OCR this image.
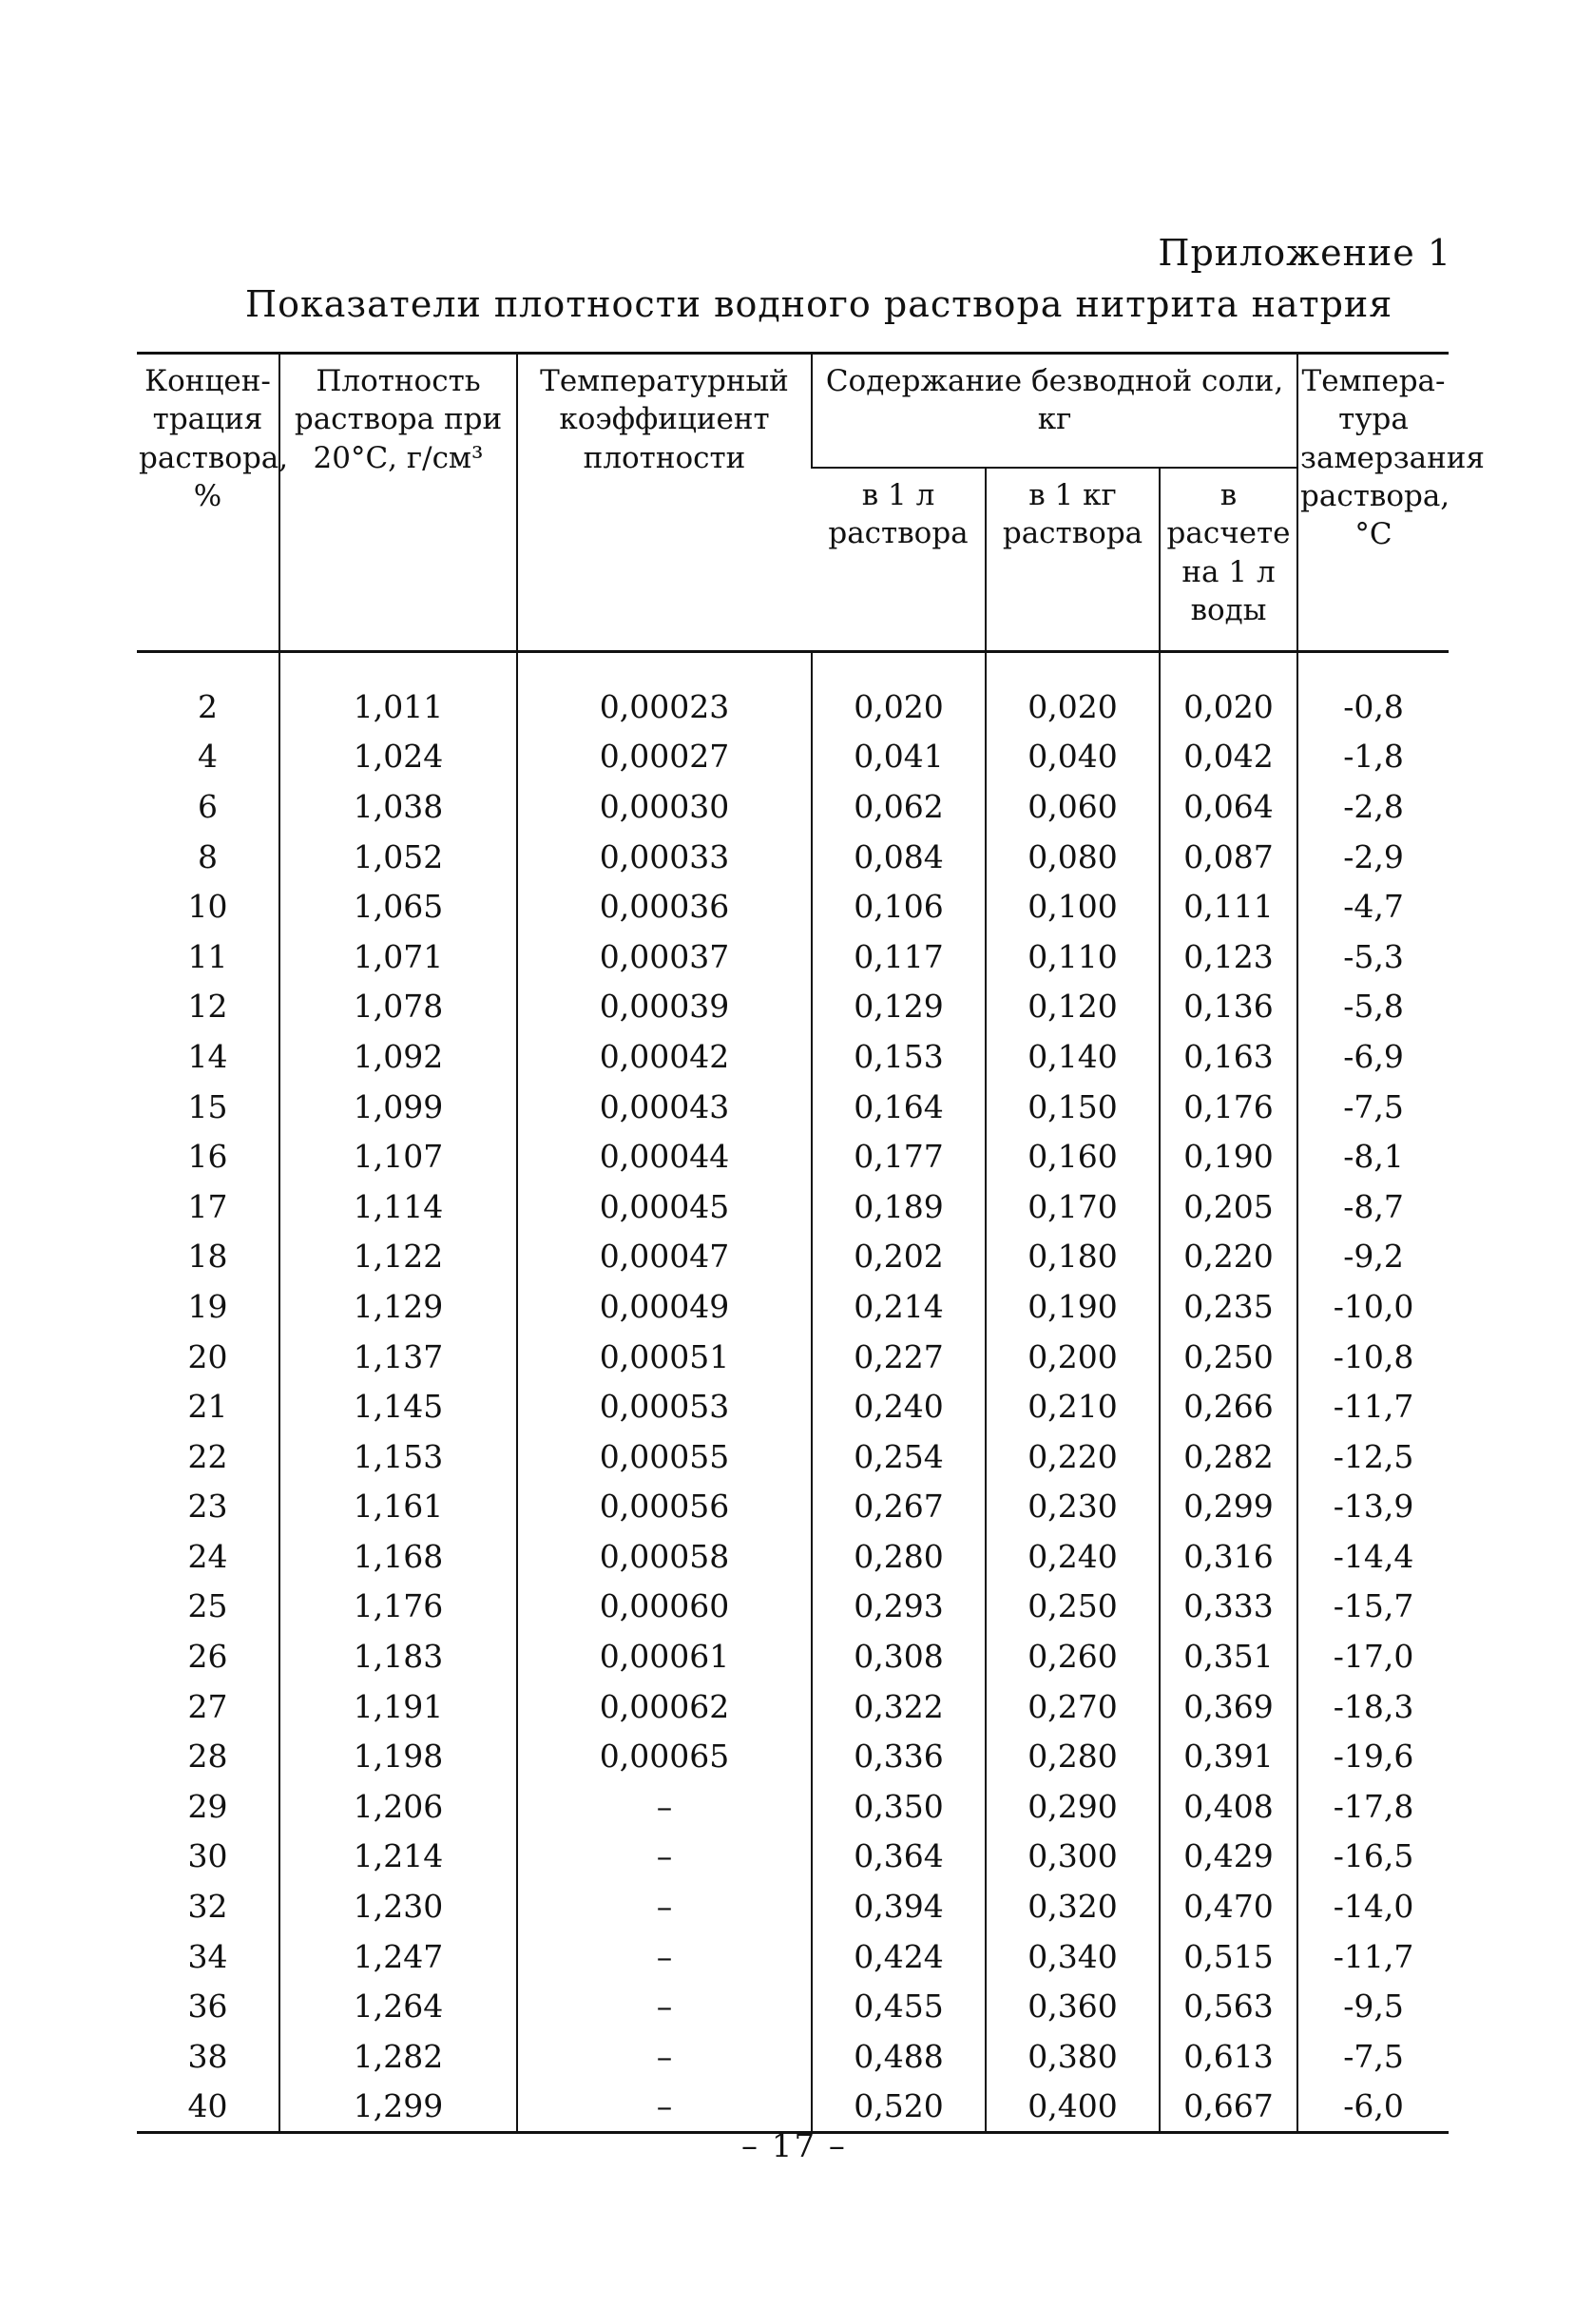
Приложение 1
Показатели плотности водного раствора нитрита натрия
Концен-трация раствора, %	Плотность раствора при 20°С, г/см³	Температурный коэффициент плотности	Содержание безводной соли, кг			Темпера-тура замерзания раствора, °С
			в 1 л раствора	в 1 кг раствора	в расчете на 1 л воды	
2	1,011	0,00023	0,020	0,020	0,020	-0,8
4	1,024	0,00027	0,041	0,040	0,042	-1,8
6	1,038	0,00030	0,062	0,060	0,064	-2,8
8	1,052	0,00033	0,084	0,080	0,087	-2,9
10	1,065	0,00036	0,106	0,100	0,111	-4,7
11	1,071	0,00037	0,117	0,110	0,123	-5,3
12	1,078	0,00039	0,129	0,120	0,136	-5,8
14	1,092	0,00042	0,153	0,140	0,163	-6,9
15	1,099	0,00043	0,164	0,150	0,176	-7,5
16	1,107	0,00044	0,177	0,160	0,190	-8,1
17	1,114	0,00045	0,189	0,170	0,205	-8,7
18	1,122	0,00047	0,202	0,180	0,220	-9,2
19	1,129	0,00049	0,214	0,190	0,235	-10,0
20	1,137	0,00051	0,227	0,200	0,250	-10,8
21	1,145	0,00053	0,240	0,210	0,266	-11,7
22	1,153	0,00055	0,254	0,220	0,282	-12,5
23	1,161	0,00056	0,267	0,230	0,299	-13,9
24	1,168	0,00058	0,280	0,240	0,316	-14,4
25	1,176	0,00060	0,293	0,250	0,333	-15,7
26	1,183	0,00061	0,308	0,260	0,351	-17,0
27	1,191	0,00062	0,322	0,270	0,369	-18,3
28	1,198	0,00065	0,336	0,280	0,391	-19,6
29	1,206	–	0,350	0,290	0,408	-17,8
30	1,214	–	0,364	0,300	0,429	-16,5
32	1,230	–	0,394	0,320	0,470	-14,0
34	1,247	–	0,424	0,340	0,515	-11,7
36	1,264	–	0,455	0,360	0,563	-9,5
38	1,282	–	0,488	0,380	0,613	-7,5
40	1,299	–	0,520	0,400	0,667	-6,0
– 17 –
